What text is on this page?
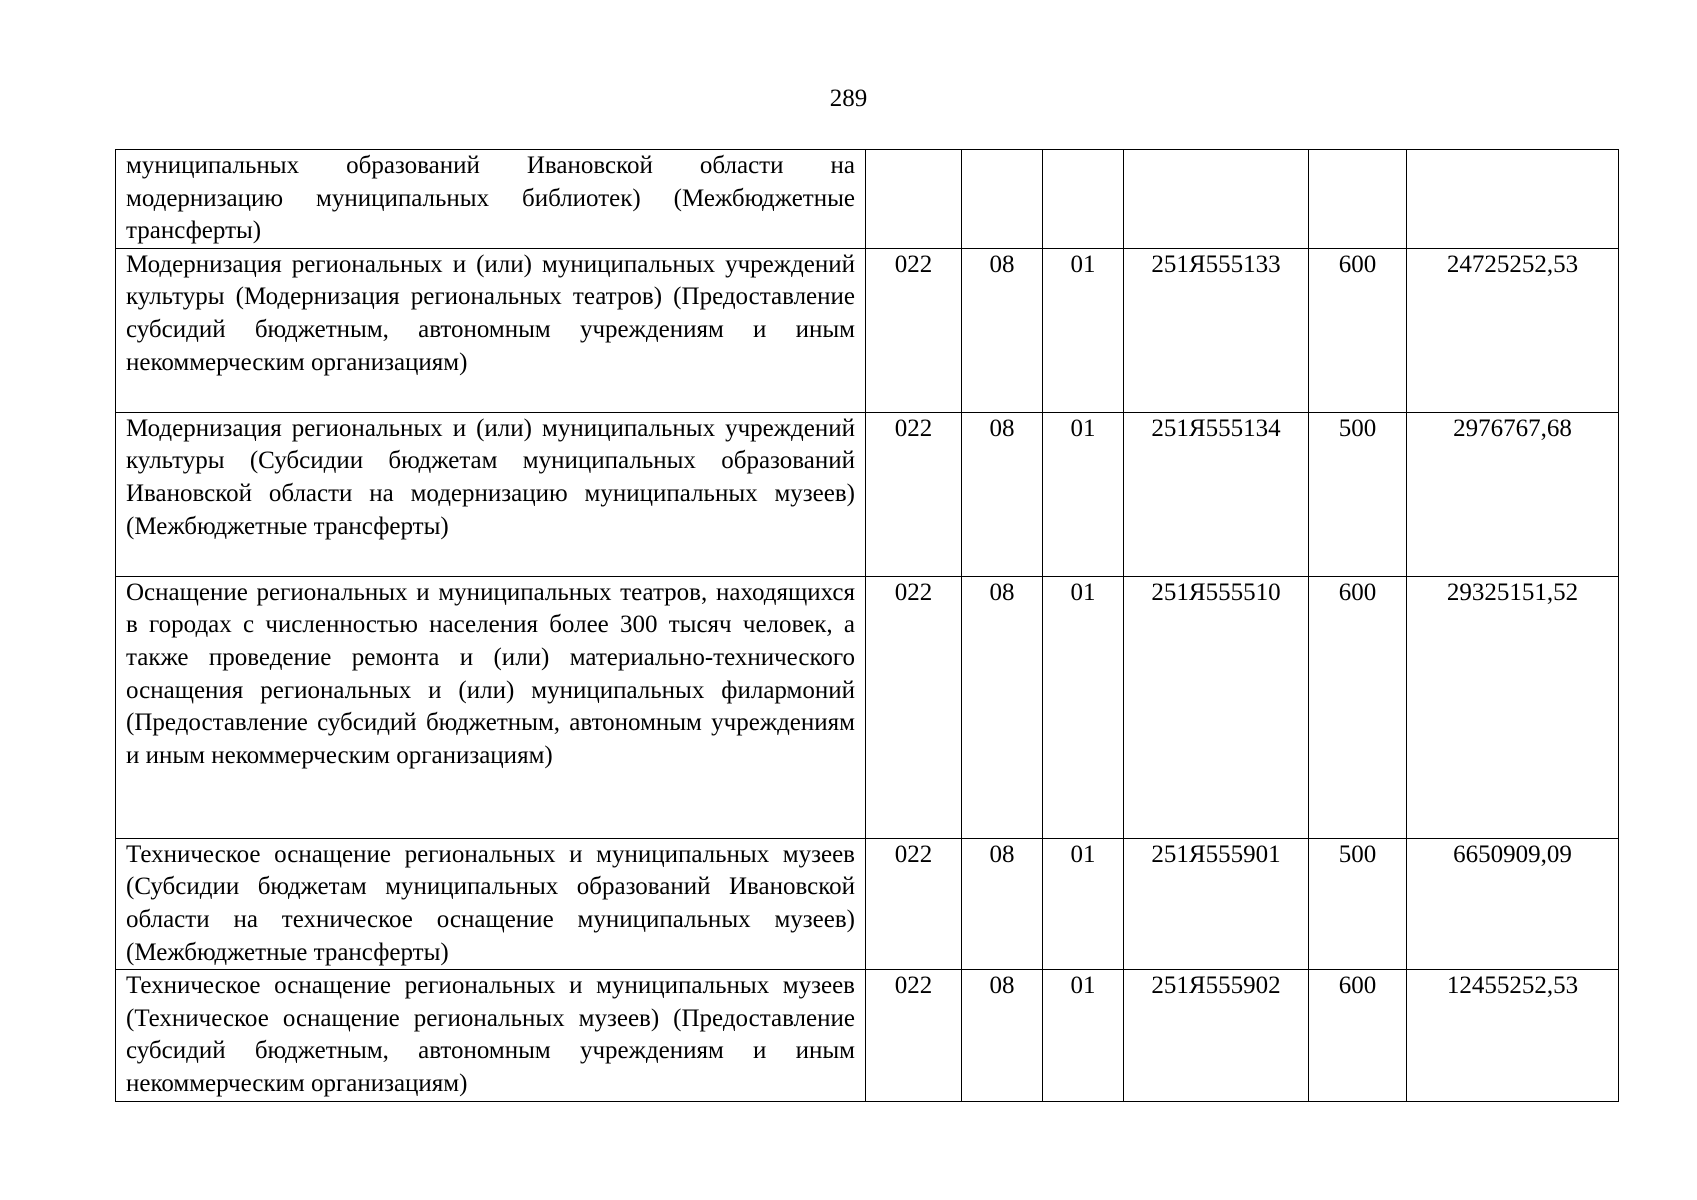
289
муниципальных образований Ивановской области на модернизацию муниципальных библиотек) (Межбюджетные трансферты)						
Модернизация региональных и (или) муниципальных учреждений культуры (Модернизация региональных театров) (Предоставление субсидий бюджетным, автономным учреждениям и иным некоммерческим организациям)	022	08	01	251Я555133	600	24725252,53
Модернизация региональных и (или) муниципальных учреждений культуры (Субсидии бюджетам муниципальных образований Ивановской области на модернизацию муниципальных музеев) (Межбюджетные трансферты)	022	08	01	251Я555134	500	2976767,68
Оснащение региональных и муниципальных театров, находящихся в городах с численностью населения более 300 тысяч человек, а также проведение ремонта и (или) материально-технического оснащения региональных и (или) муниципальных филармоний (Предоставление субсидий бюджетным, автономным учреждениям и иным некоммерческим организациям)	022	08	01	251Я555510	600	29325151,52
Техническое оснащение региональных и муниципальных музеев (Субсидии бюджетам муниципальных образований Ивановской области на техническое оснащение муниципальных музеев) (Межбюджетные трансферты)	022	08	01	251Я555901	500	6650909,09
Техническое оснащение региональных и муниципальных музеев (Техническое оснащение региональных музеев) (Предоставление субсидий бюджетным, автономным учреждениям и иным некоммерческим организациям)	022	08	01	251Я555902	600	12455252,53
